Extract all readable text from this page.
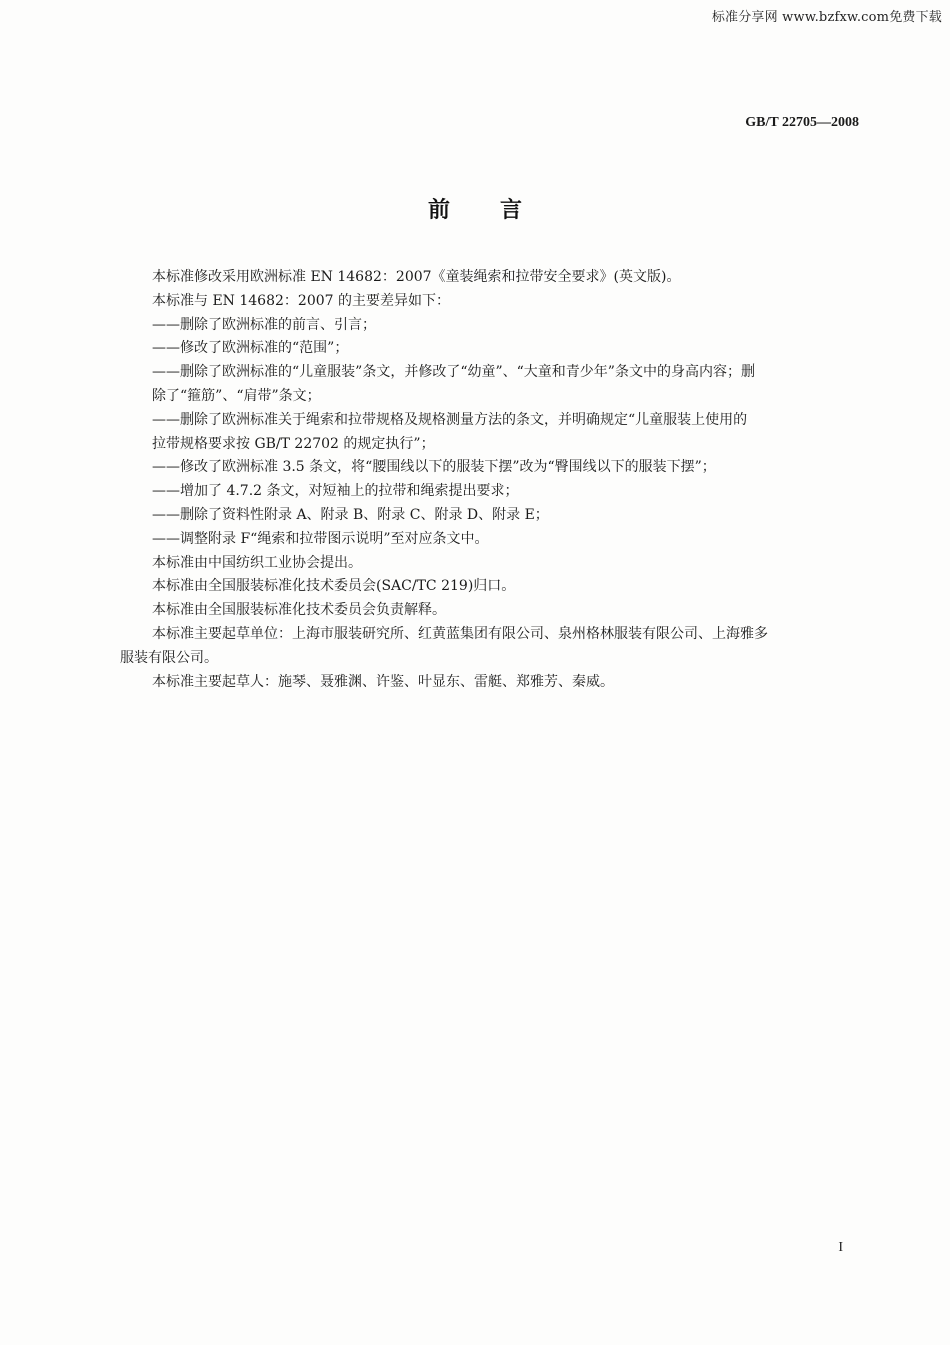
标准分享网 www.bzfxw.com免费下载
GB/T 22705—2008
前言

本标准修改采用欧洲标准 EN 14682：2007《童装绳索和拉带安全要求》(英文版)。

本标准与 EN 14682：2007 的主要差异如下：

——删除了欧洲标准的前言、引言；

——修改了欧洲标准的“范围”；

——删除了欧洲标准的“儿童服装”条文，并修改了“幼童”、“大童和青少年”条文中的身高内容；删

除了“箍筋”、“肩带”条文；

——删除了欧洲标准关于绳索和拉带规格及规格测量方法的条文，并明确规定“儿童服装上使用的

拉带规格要求按 GB/T 22702 的规定执行”；

——修改了欧洲标准 3.5 条文，将“腰围线以下的服装下摆”改为“臀围线以下的服装下摆”；

——增加了 4.7.2 条文，对短袖上的拉带和绳索提出要求；

——删除了资料性附录 A、附录 B、附录 C、附录 D、附录 E；

——调整附录 F“绳索和拉带图示说明”至对应条文中。

本标准由中国纺织工业协会提出。

本标准由全国服装标准化技术委员会(SAC/TC 219)归口。

本标准由全国服装标准化技术委员会负责解释。

本标准主要起草单位：上海市服装研究所、红黄蓝集团有限公司、泉州格林服装有限公司、上海雅多

服装有限公司。

本标准主要起草人：施琴、聂雅渊、许鉴、叶显东、雷艇、郑雅芳、秦威。

I
